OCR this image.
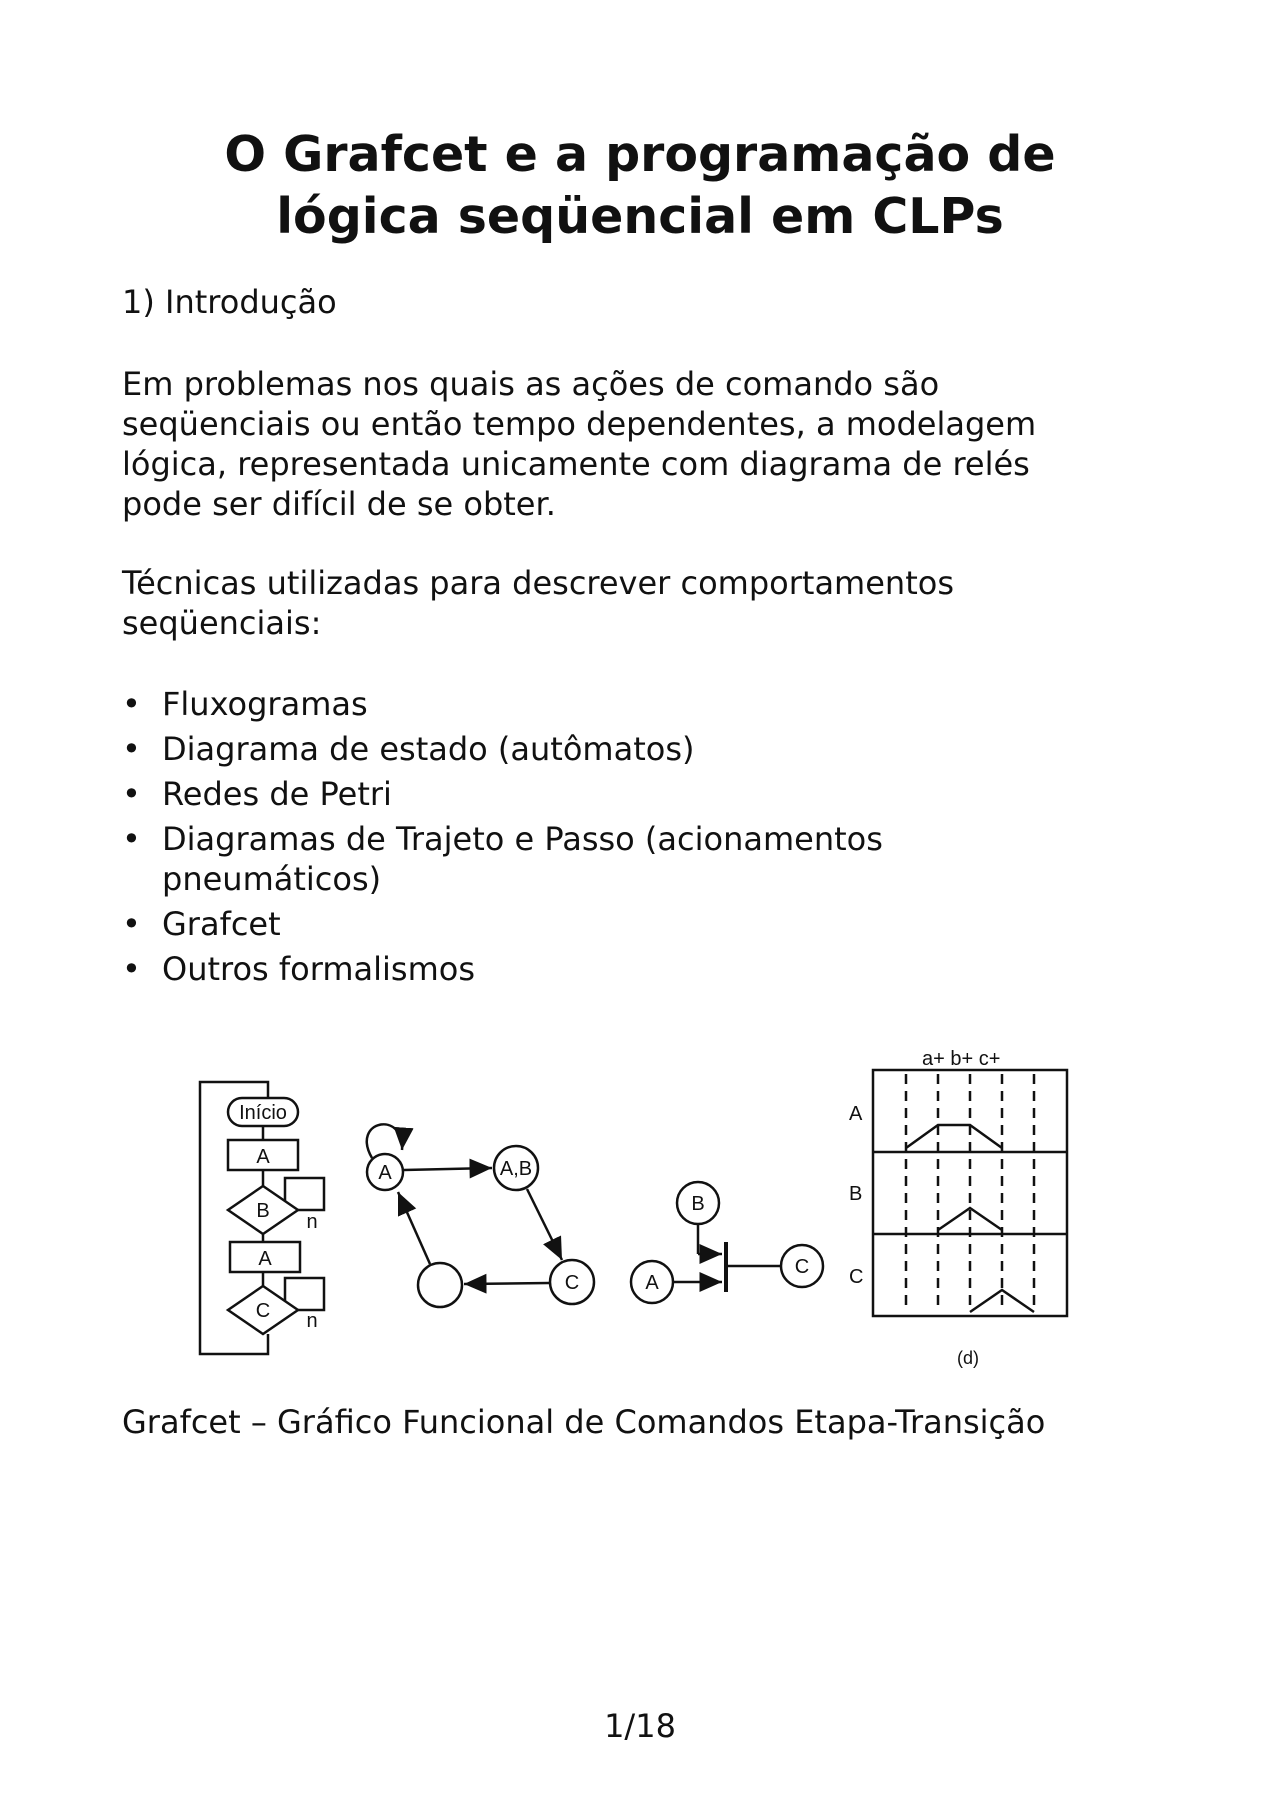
O Grafcet e a programação de
lógica seqüencial em CLPs

1) Introdução

Em problemas nos quais as ações de comando são
seqüenciais ou então tempo dependentes, a modelagem
lógica, representada unicamente com diagrama de relés
pode ser difícil de se obter.

Técnicas utilizadas para descrever comportamentos
seqüenciais:

• Fluxogramas
• Diagrama de estado (autômatos)
• Redes de Petri
• Diagramas de Trajeto e Passo (acionamentos
pneumáticos)
• Grafcet
• Outros formalismos
Início
A
B n
A
C n
A	A,B
C
B
A
C
a+ b+ c+
A
B
C
(d)

Grafcet – Gráfico Funcional de Comandos Etapa-Transição

1/18
